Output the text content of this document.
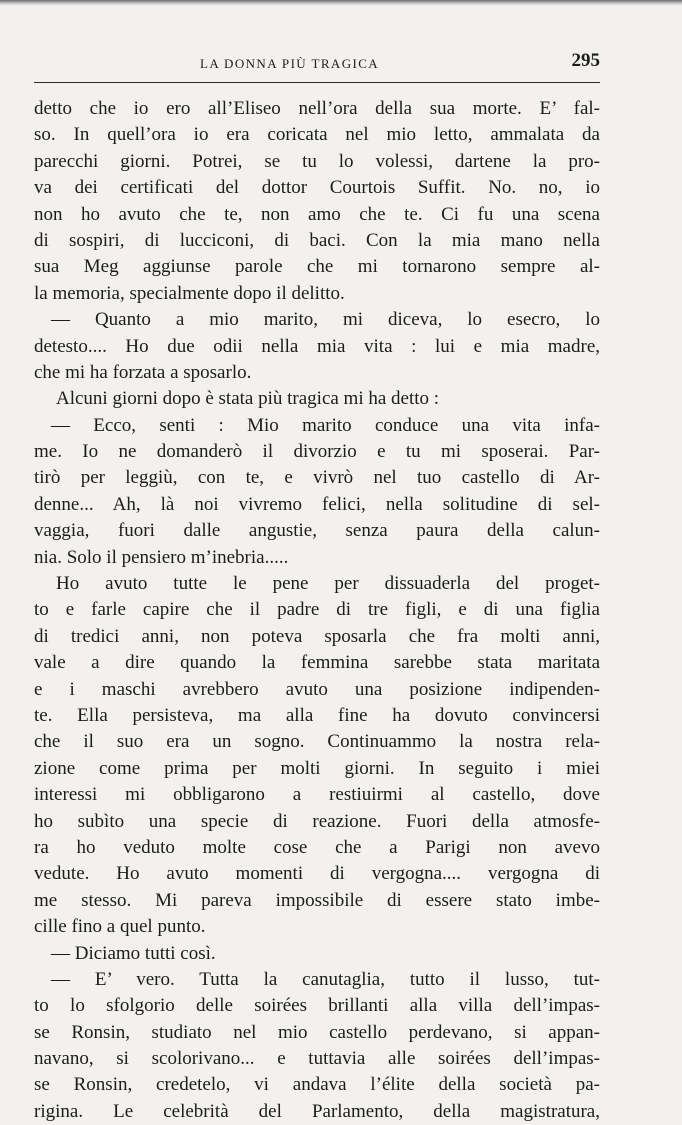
LA DONNA PIÙ TRAGICA	295
detto che io ero all’Eliseo nell’ora della sua morte. E’ fal-
so. In quell’ora io era coricata nel mio letto, ammalata da
parecchi giorni. Potrei, se tu lo volessi, dartene la pro-
va dei certificati del dottor Courtois Suffit. No. no, io
non ho avuto che te, non amo che te. Ci fu una scena
di sospiri, di lucciconi, di baci. Con la mia mano nella
sua Meg aggiunse parole che mi tornarono sempre al-
la memoria, specialmente dopo il delitto.
— Quanto a mio marito, mi diceva, lo esecro, lo
detesto.... Ho due odii nella mia vita : lui e mia madre,
che mi ha forzata a sposarlo.
Alcuni giorni dopo è stata più tragica mi ha detto :
— Ecco, senti : Mio marito conduce una vita infa-
me. Io ne domanderò il divorzio e tu mi sposerai. Par-
tirò per leggiù, con te, e vivrò nel tuo castello di Ar-
denne... Ah, là noi vivremo felici, nella solitudine di sel-
vaggia, fuori dalle angustie, senza paura della calun-
nia. Solo il pensiero m’inebria.....
Ho avuto tutte le pene per dissuaderla del proget-
to e farle capire che il padre di tre figli, e di una figlia
di tredici anni, non poteva sposarla che fra molti anni,
vale a dire quando la femmina sarebbe stata maritata
e i maschi avrebbero avuto una posizione indipenden-
te. Ella persisteva, ma alla fine ha dovuto convincersi
che il suo era un sogno. Continuammo la nostra rela-
zione come prima per molti giorni. In seguito i miei
interessi mi obbligarono a restiuirmi al castello, dove
ho subìto una specie di reazione. Fuori della atmosfe-
ra ho veduto molte cose che a Parigi non avevo
vedute. Ho avuto momenti di vergogna.... vergogna di
me stesso. Mi pareva impossibile di essere stato imbe-
cille fino a quel punto.
— Diciamo tutti così.
— E’ vero. Tutta la canutaglia, tutto il lusso, tut-
to lo sfolgorio delle soirées brillanti alla villa dell’impas-
se Ronsin, studiato nel mio castello perdevano, si appan-
navano, si scolorivano... e tuttavia alle soirées dell’impas-
se Ronsin, credetelo, vi andava l’élite della società pa-
rigina. Le celebrità del Parlamento, della magistratura,
